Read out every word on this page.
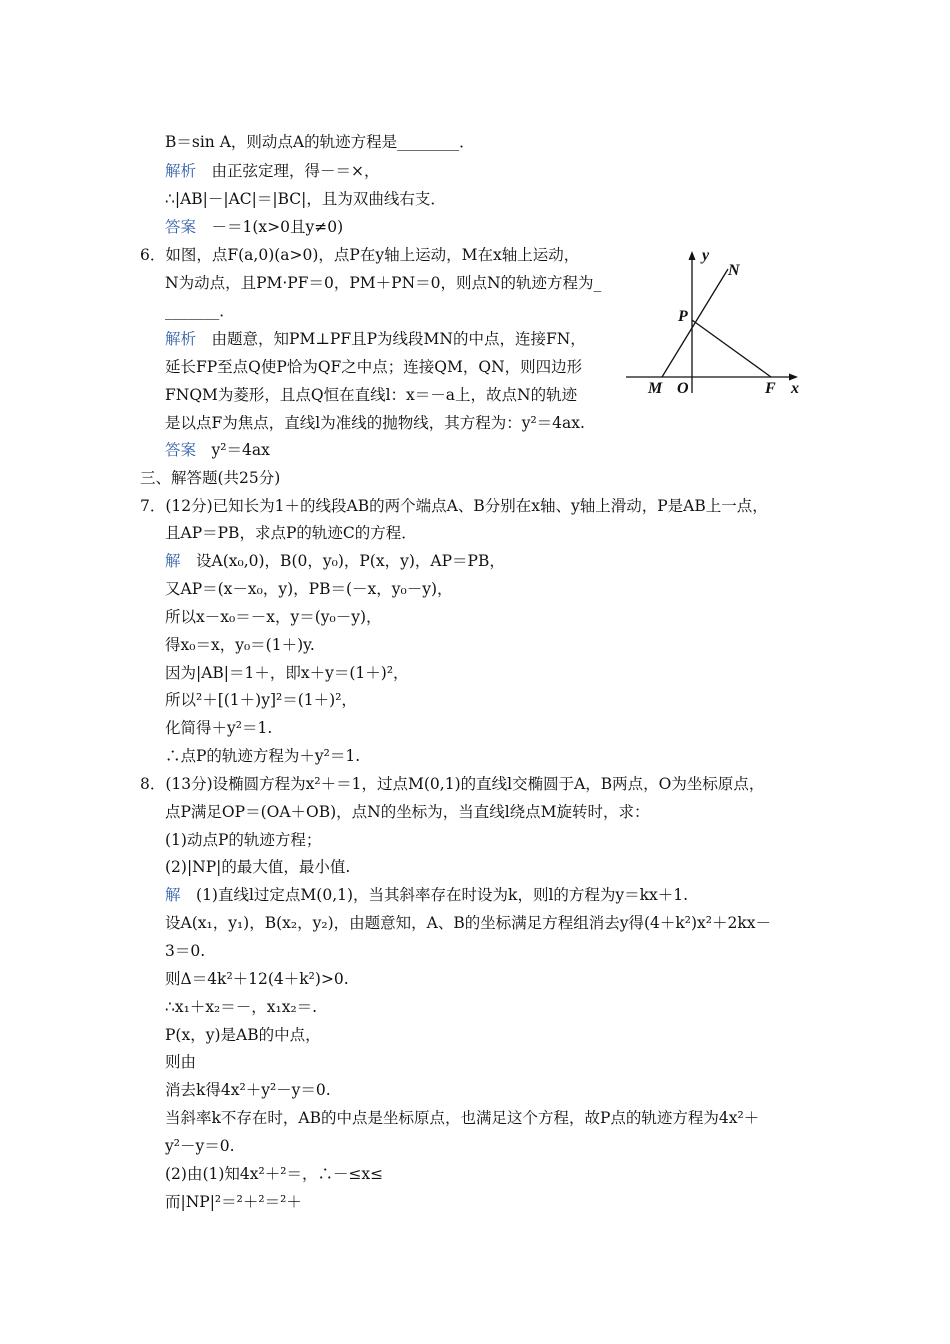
B＝sin A，则动点A的轨迹方程是________．
解析　由正弦定理，得－＝×，
∴|AB|－|AC|＝|BC|，且为双曲线右支．
答案　－＝1(x>0且y≠0)
6．如图，点F(a,0)(a>0)，点P在y轴上运动，M在x轴上运动，
N为动点，且PM·PF＝0，PM＋PN＝0，则点N的轨迹方程为_
_______．
解析　由题意，知PM⊥PF且P为线段MN的中点，连接FN，
延长FP至点Q使P恰为QF之中点；连接QM，QN，则四边形
FNQM为菱形，且点Q恒在直线l：x＝－a上，故点N的轨迹
是以点F为焦点，直线l为准线的抛物线，其方程为：y²＝4ax.
答案　y²＝4ax
三、解答题(共25分)
7．(12分)已知长为1＋的线段AB的两个端点A、B分别在x轴、y轴上滑动，P是AB上一点，
且AP＝PB，求点P的轨迹C的方程．
解　设A(x₀,0)，B(0，y₀)，P(x，y)，AP＝PB，
又AP＝(x－x₀，y)，PB＝(－x，y₀－y)，
所以x－x₀＝－x，y＝(y₀－y)，
得x₀＝x，y₀＝(1＋)y.
因为|AB|＝1＋，即x＋y＝(1＋)²，
所以²＋[(1＋)y]²＝(1＋)²，
化简得＋y²＝1.
∴点P的轨迹方程为＋y²＝1.
8．(13分)设椭圆方程为x²＋＝1，过点M(0,1)的直线l交椭圆于A，B两点，O为坐标原点，
点P满足OP＝(OA＋OB)，点N的坐标为，当直线l绕点M旋转时，求：
(1)动点P的轨迹方程；
(2)|NP|的最大值，最小值.
解　(1)直线l过定点M(0,1)，当其斜率存在时设为k，则l的方程为y＝kx＋1.
设A(x₁，y₁)，B(x₂，y₂)，由题意知，A、B的坐标满足方程组消去y得(4＋k²)x²＋2kx－
3＝0.
则Δ＝4k²＋12(4＋k²)>0.
∴x₁＋x₂＝－，x₁x₂＝.
P(x，y)是AB的中点，
则由
消去k得4x²＋y²－y＝0.
当斜率k不存在时，AB的中点是坐标原点，也满足这个方程，故P点的轨迹方程为4x²＋
y²－y＝0.
(2)由(1)知4x²＋²＝，∴－≤x≤
而|NP|²＝²＋²＝²＋
y
N
P
M O	F x
